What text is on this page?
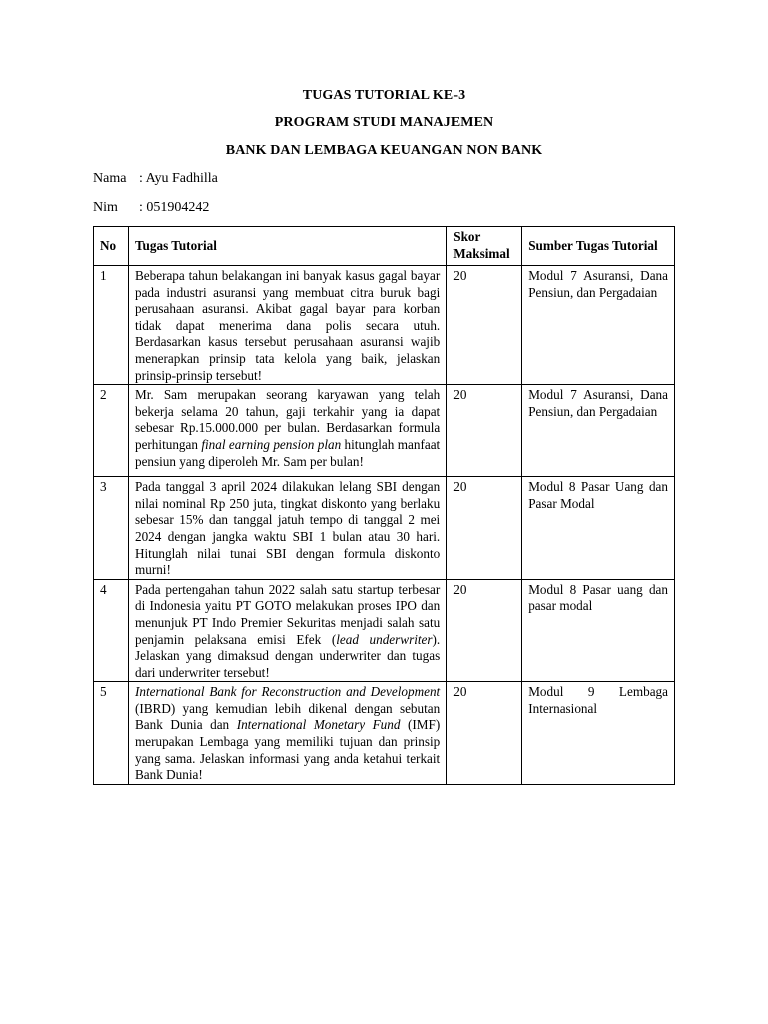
TUGAS TUTORIAL KE-3
PROGRAM STUDI MANAJEMEN
BANK DAN LEMBAGA KEUANGAN NON BANK
Nama : Ayu Fadhilla
Nim : 051904242
No	Tugas Tutorial	Skor Maksimal	Sumber Tugas Tutorial
1	Beberapa tahun belakangan ini banyak kasus gagal bayar pada industri asuransi yang membuat citra buruk bagi perusahaan asuransi. Akibat gagal bayar para korban tidak dapat menerima dana polis secara utuh. Berdasarkan kasus tersebut perusahaan asuransi wajib menerapkan prinsip tata kelola yang baik, jelaskan prinsip-prinsip tersebut!	20	Modul 7 Asuransi, Dana Pensiun, dan Pergadaian
2	Mr. Sam merupakan seorang karyawan yang telah bekerja selama 20 tahun, gaji terkahir yang ia dapat sebesar Rp.15.000.000 per bulan. Berdasarkan formula perhitungan final earning pension plan hitunglah manfaat pensiun yang diperoleh Mr. Sam per bulan!	20	Modul 7 Asuransi, Dana Pensiun, dan Pergadaian
3	Pada tanggal 3 april 2024 dilakukan lelang SBI dengan nilai nominal Rp 250 juta, tingkat diskonto yang berlaku sebesar 15% dan tanggal jatuh tempo di tanggal 2 mei 2024 dengan jangka waktu SBI 1 bulan atau 30 hari. Hitunglah nilai tunai SBI dengan formula diskonto murni!	20	Modul 8 Pasar Uang dan Pasar Modal
4	Pada pertengahan tahun 2022 salah satu startup terbesar di Indonesia yaitu PT GOTO melakukan proses IPO dan menunjuk PT Indo Premier Sekuritas menjadi salah satu penjamin pelaksana emisi Efek (lead underwriter). Jelaskan yang dimaksud dengan underwriter dan tugas dari underwriter tersebut!	20	Modul 8 Pasar uang dan pasar modal
5	International Bank for Reconstruction and Development (IBRD) yang kemudian lebih dikenal dengan sebutan Bank Dunia dan International Monetary Fund (IMF) merupakan Lembaga yang memiliki tujuan dan prinsip yang sama. Jelaskan informasi yang anda ketahui terkait Bank Dunia!	20	Modul 9 Lembaga Internasional
